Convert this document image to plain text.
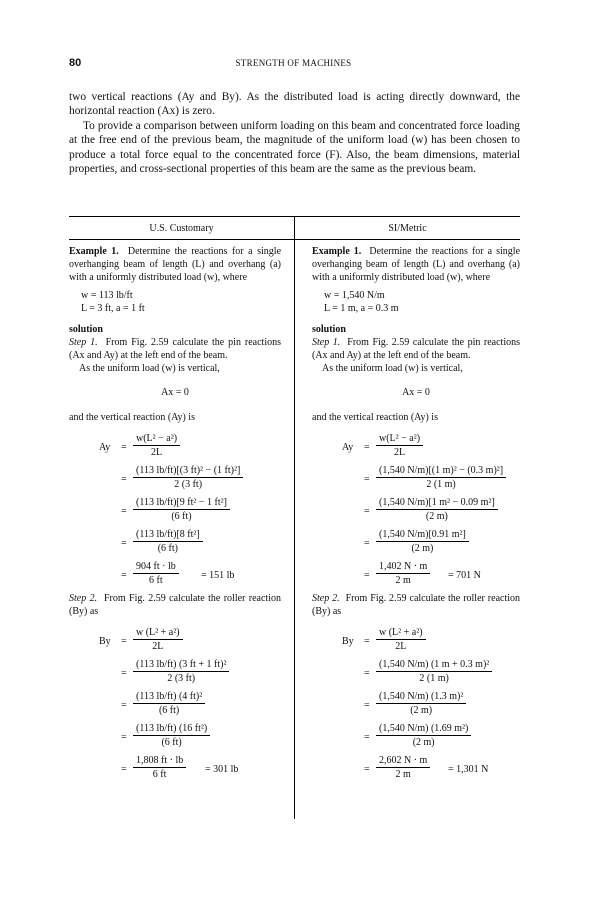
80	STRENGTH OF MACHINES

two vertical reactions (Ay and By). As the distributed load is acting directly downward, the horizontal reaction (Ax) is zero.

To provide a comparison between uniform loading on this beam and concentrated force loading at the free end of the previous beam, the magnitude of the uniform load (w) has been chosen to produce a total force equal to the concentrated force (F). Also, the beam dimensions, material properties, and cross-sectional properties of this beam are the same as the previous beam.

U.S. Customary	SI/Metric

Example 1. Determine the reactions for a single overhanging beam of length (L) and overhang (a) with a uniformly distributed load (w), where

w = 113 lb/ft
L = 3 ft, a = 1 ft
solution

Step 1. From Fig. 2.59 calculate the pin reactions (Ax and Ay) at the left end of the beam.

As the uniform load (w) is vertical,

Ax = 0

and the vertical reaction (Ay) is

$Ay = \frac{\text{w(L² − a²)}}{2L}$
= $\frac{\text{(113 lb/ft)[(3 ft)² − (1 ft)²]}}{2 (3 ft)}$
= $\frac{\text{(113 lb/ft)[9 ft² − 1 ft²]}}{(6 ft)}$
= $\frac{\text{(113 lb/ft)[8 ft²]}}{(6 ft)}$
= $\frac{904 ft \cdot lb}{6 ft} = 151$ lb

Step 2. From Fig. 2.59 calculate the roller reaction (By) as

$By = \frac{\text{w (L² + a²)}}{2L}$
= $\frac{\text{(113 lb/ft) (3 ft + 1 ft)²}}{2 (3 ft)}$
= $\frac{\text{(113 lb/ft) (4 ft)²}}{(6 ft)}$
= $\frac{\text{(113 lb/ft) (16 ft²)}}{(6 ft)}$
= $\frac{1,808 ft \cdot lb}{6 ft} = 301$ lb

Example 1. Determine the reactions for a single overhanging beam of length (L) and overhang (a) with a uniformly distributed load (w), where

w = 1,540 N/m
L = 1 m, a = 0.3 m
solution

Step 1. From Fig. 2.59 calculate the pin reactions (Ax and Ay) at the left end of the beam.

As the uniform load (w) is vertical,

Ax = 0

and the vertical reaction (Ay) is

$Ay = \frac{\text{w(L² − a²)}}{2L}$
= $\frac{\text{(1,540 N/m)[(1 m)² − (0.3 m)²]}}{2 (1 m)}$
= $\frac{\text{(1,540 N/m)[1 m² − 0.09 m²]}}{(2 m)}$
= $\frac{\text{(1,540 N/m)[0.91 m²]}}{(2 m)}$
= $\frac{1,402 N \cdot m}{2 m} = 701$ N

Step 2. From Fig. 2.59 calculate the roller reaction (By) as

$By = \frac{\text{w (L² + a²)}}{2L}$
= $\frac{\text{(1,540 N/m) (1 m + 0.3 m)²}}{2 (1 m)}$
= $\frac{\text{(1,540 N/m) (1.3 m)²}}{(2 m)}$
= $\frac{\text{(1,540 N/m) (1.69 m²)}}{(2 m)}$
= $\frac{2,602 N \cdot m}{2 m} = 1,301$ N
